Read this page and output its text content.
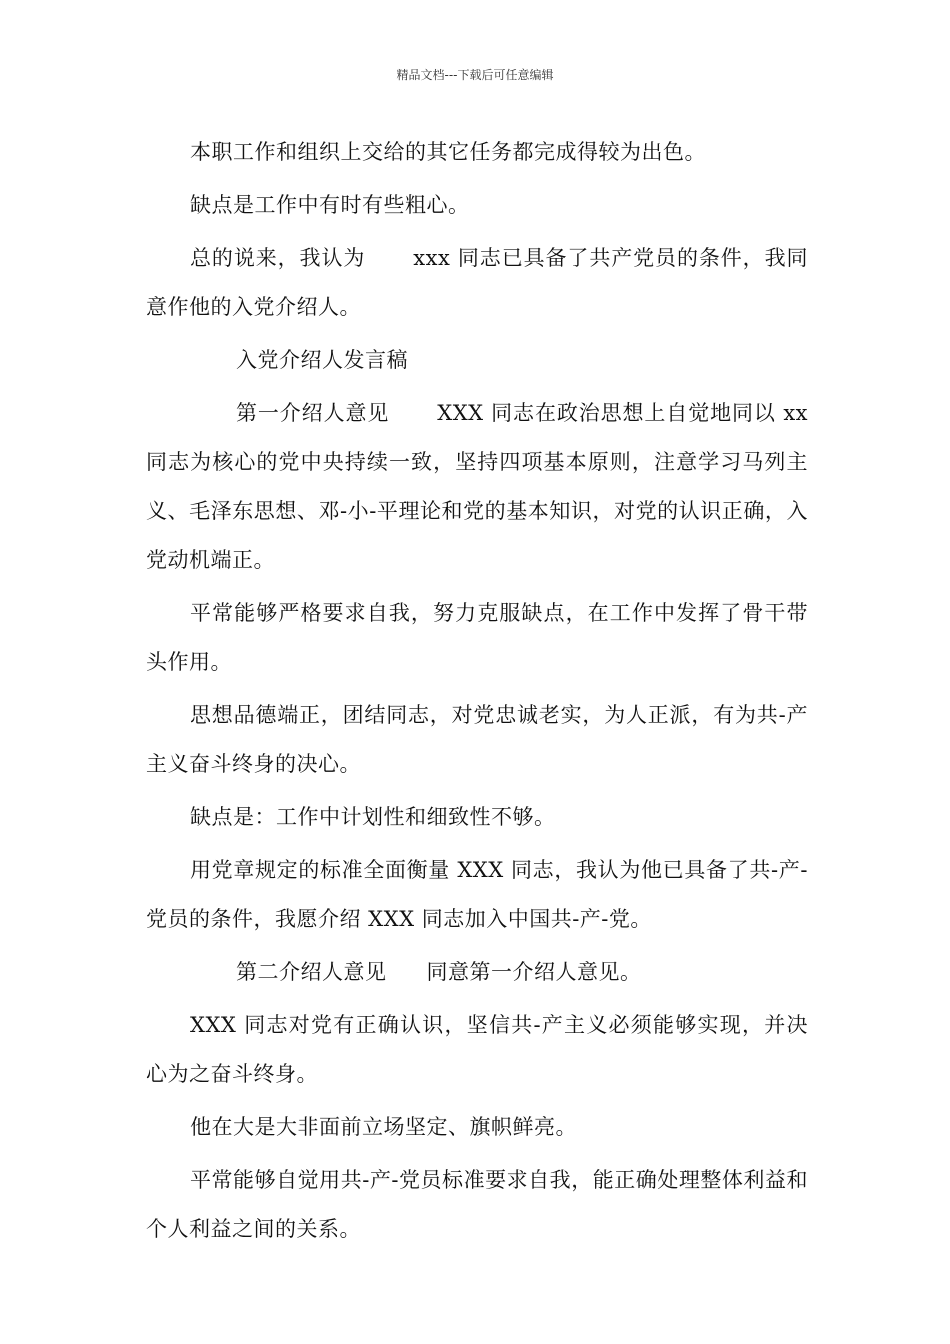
精品文档---下载后可任意编辑

本职工作和组织上交给的其它任务都完成得较为出色。

缺点是工作中有时有些粗心。

总的说来，我认为 xxx 同志已具备了共产党员的条件，我同意作他的入党介绍人。

入党介绍人发言稿

第一介绍人意见 XXX 同志在政治思想上自觉地同以 xx 同志为核心的党中央持续一致，坚持四项基本原则，注意学习马列主义、毛泽东思想、邓-小-平理论和党的基本知识，对党的认识正确，入党动机端正。

平常能够严格要求自我，努力克服缺点，在工作中发挥了骨干带头作用。

思想品德端正，团结同志，对党忠诚老实，为人正派，有为共-产主义奋斗终身的决心。

缺点是：工作中计划性和细致性不够。

用党章规定的标准全面衡量 XXX 同志，我认为他已具备了共-产-党员的条件，我愿介绍 XXX 同志加入中国共-产-党。

第二介绍人意见 同意第一介绍人意见。

XXX 同志对党有正确认识，坚信共-产主义必须能够实现，并决心为之奋斗终身。

他在大是大非面前立场坚定、旗帜鲜亮。

平常能够自觉用共-产-党员标准要求自我，能正确处理整体利益和个人利益之间的关系。
